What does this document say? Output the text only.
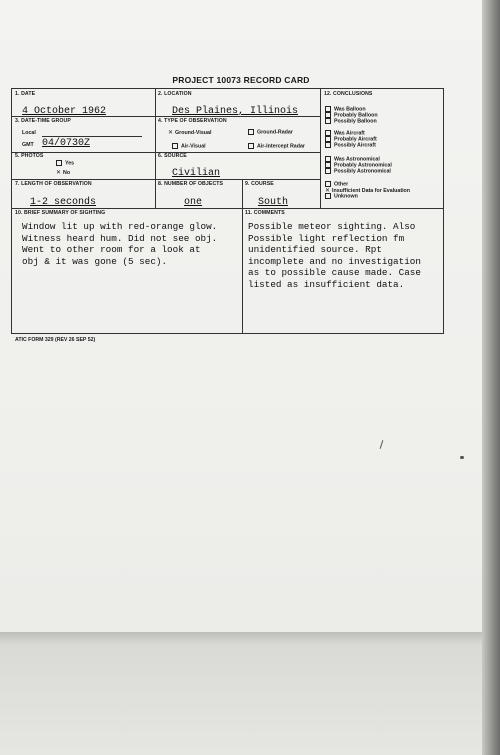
PROJECT 10073 RECORD CARD
1. DATE
4 October 1962
2. LOCATION
Des Plaines, Illinois
3. DATE-TIME GROUP
Local
GMT 04/0730Z
4. TYPE OF OBSERVATION
✕ Ground-Visual	Ground-Radar
Air-Visual	Air-Intercept Radar
5. PHOTOS
Yes
✕ No
6. SOURCE
Civilian
7. LENGTH OF OBSERVATION
1-2 seconds
8. NUMBER OF OBJECTS
one
9. COURSE
South
10. BRIEF SUMMARY OF SIGHTING
Window lit up with red-orange glow.
Witness heard hum. Did not see obj.
Went to other room for a look at
obj & it was gone (5 sec).
11. COMMENTS
Possible meteor sighting. Also
Possible light reflection fm
unidentified source. Rpt
incomplete and no investigation
as to possible cause made. Case
listed as insufficient data.
12. CONCLUSIONS
Was Balloon
Probably Balloon
Possibly Balloon
Was Aircraft
Probably Aircraft
Possibly Aircraft
Was Astronomical
Probably Astronomical
Possibly Astronomical
Other
✕ Insufficient Data for Evaluation
Unknown
ATIC FORM 329 (REV 26 SEP 52)
